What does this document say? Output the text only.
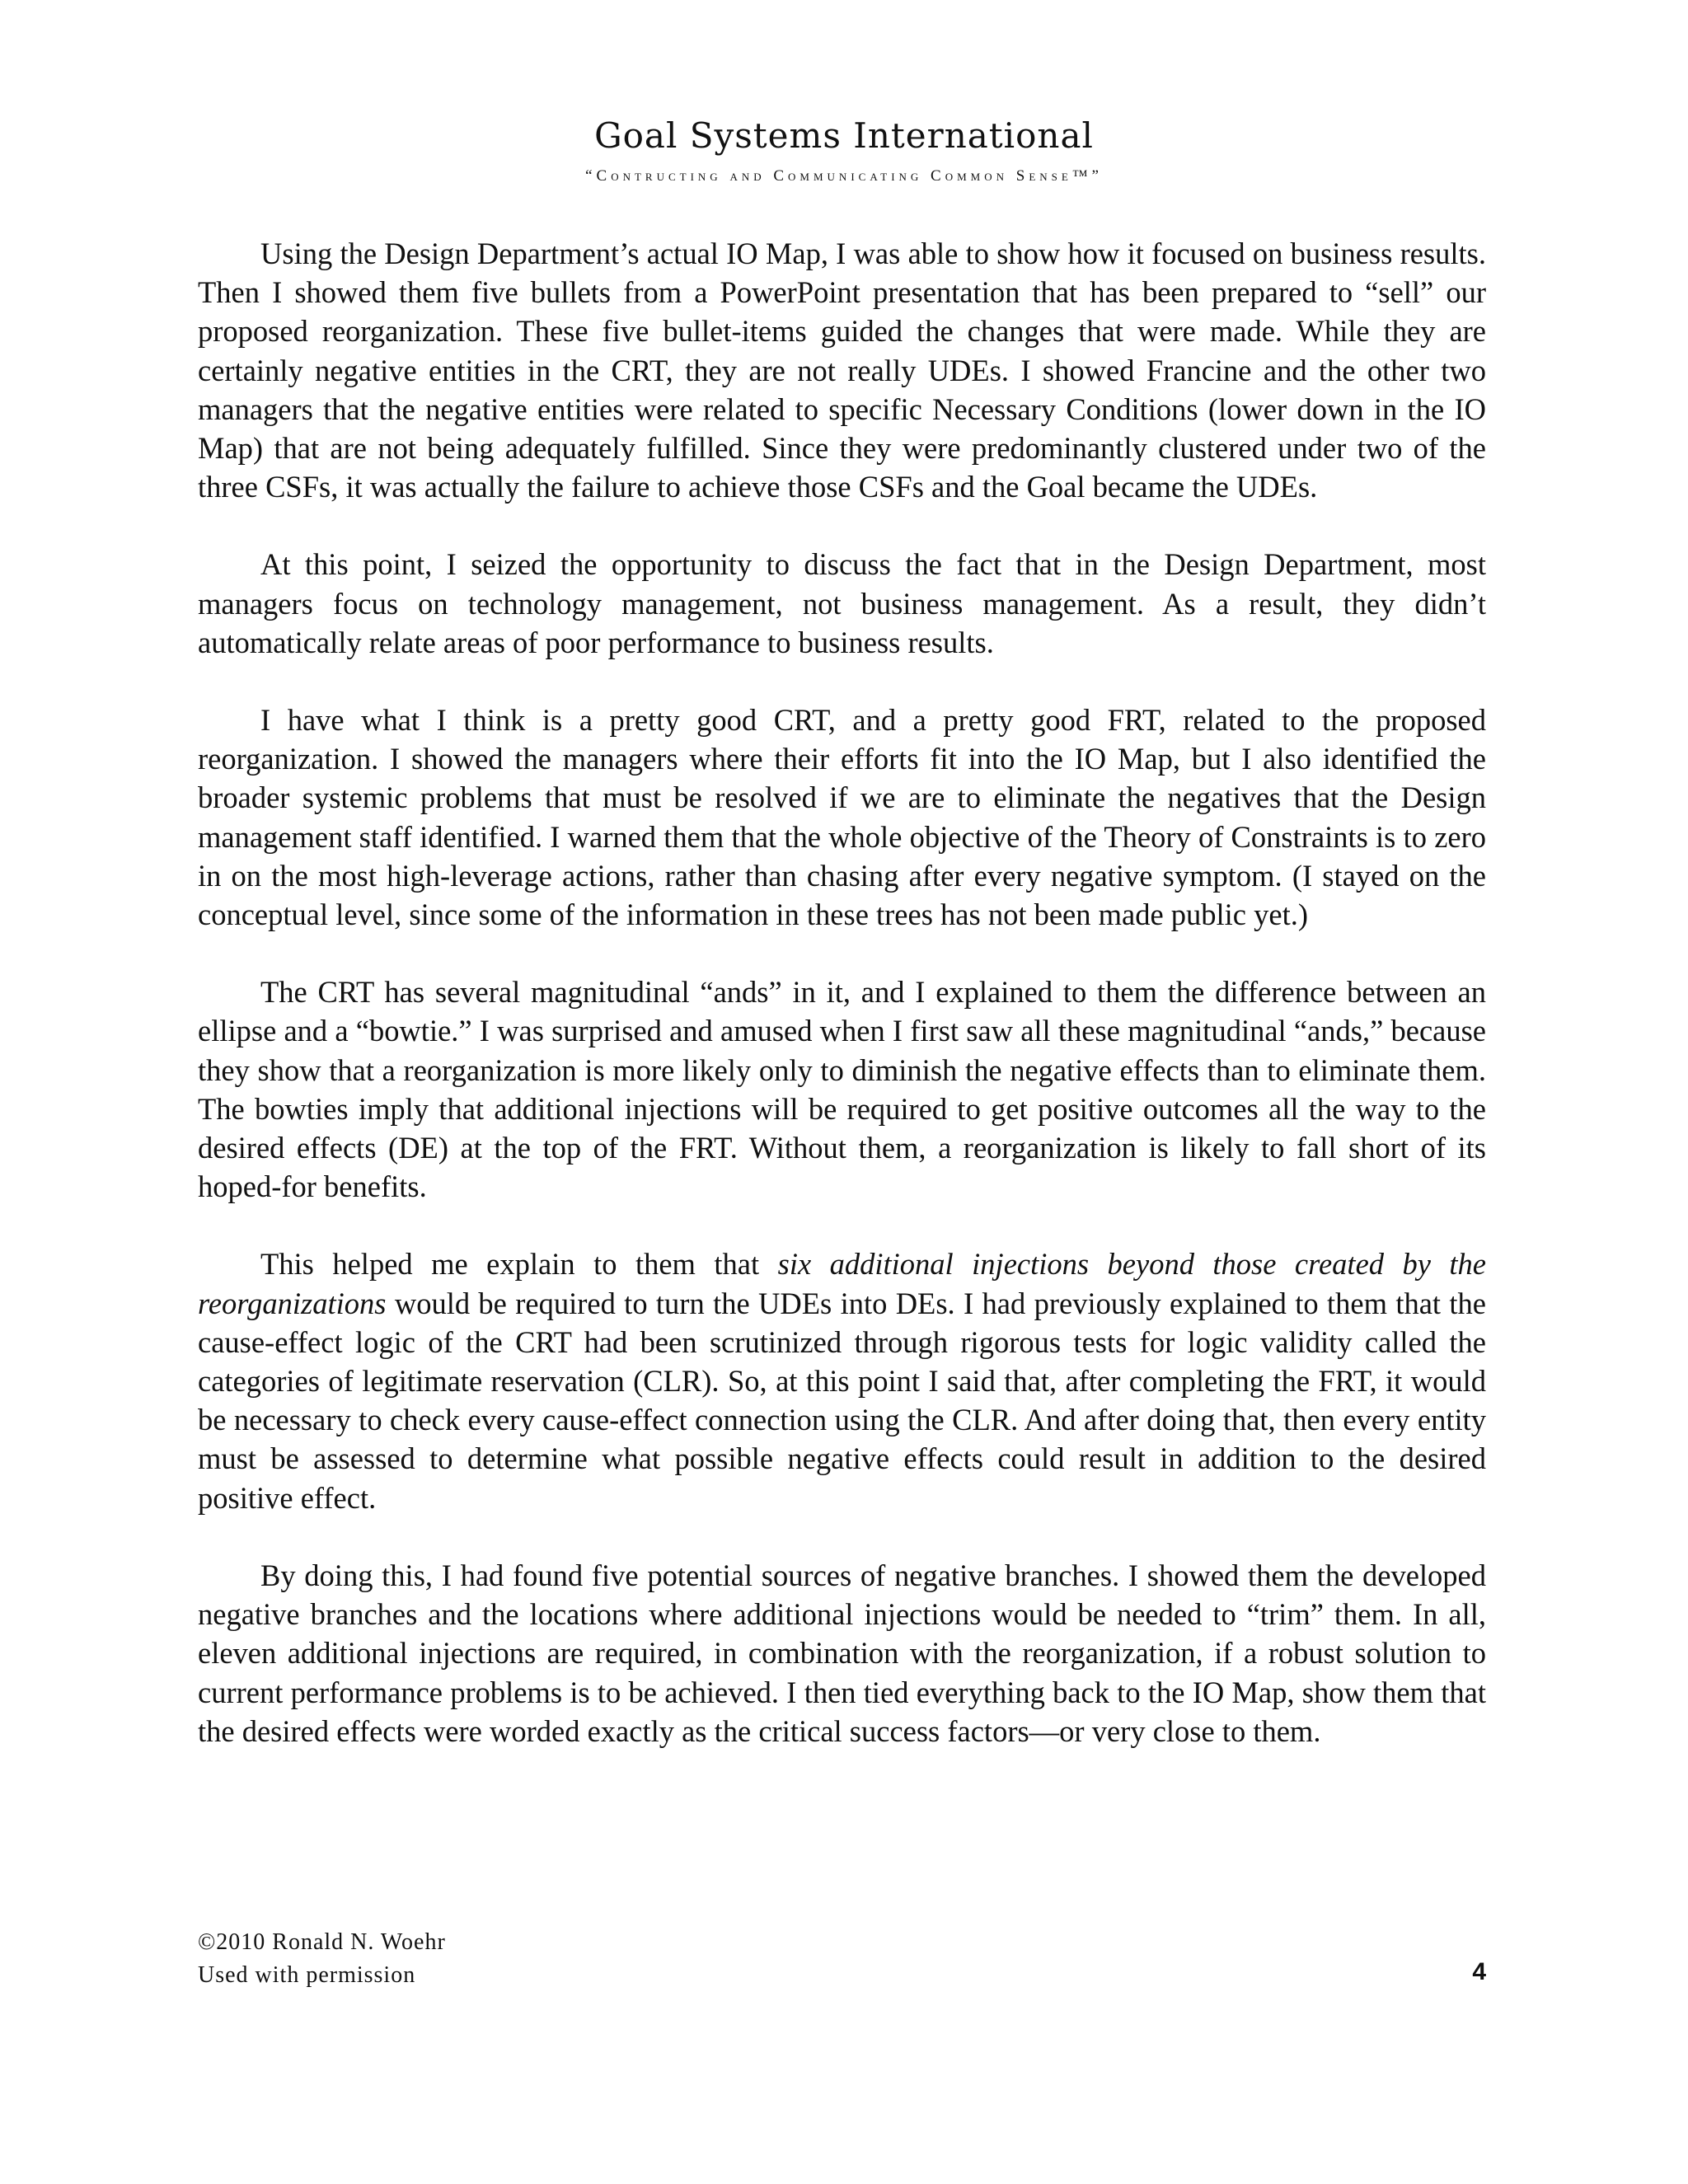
Goal Systems International
“Contructing and Communicating Common Sense™”

Using the Design Department’s actual IO Map, I was able to show how it focused on business results. Then I showed them five bullets from a PowerPoint presentation that has been prepared to “sell” our proposed reorganization. These five bullet-items guided the changes that were made. While they are certainly negative entities in the CRT, they are not really UDEs. I showed Francine and the other two managers that the negative entities were related to specific Necessary Conditions (lower down in the IO Map) that are not being adequately fulfilled. Since they were predominantly clustered under two of the three CSFs, it was actually the failure to achieve those CSFs and the Goal became the UDEs.

At this point, I seized the opportunity to discuss the fact that in the Design Department, most managers focus on technology management, not business management. As a result, they didn’t automatically relate areas of poor performance to business results.

I have what I think is a pretty good CRT, and a pretty good FRT, related to the proposed reorganization. I showed the managers where their efforts fit into the IO Map, but I also identified the broader systemic problems that must be resolved if we are to eliminate the negatives that the Design management staff identified. I warned them that the whole objective of the Theory of Constraints is to zero in on the most high-leverage actions, rather than chasing after every negative symptom. (I stayed on the conceptual level, since some of the information in these trees has not been made public yet.)

The CRT has several magnitudinal “ands” in it, and I explained to them the difference between an ellipse and a “bowtie.” I was surprised and amused when I first saw all these magnitudinal “ands,” because they show that a reorganization is more likely only to diminish the negative effects than to eliminate them. The bowties imply that additional injections will be required to get positive outcomes all the way to the desired effects (DE) at the top of the FRT. Without them, a reorganization is likely to fall short of its hoped-for benefits.

This helped me explain to them that six additional injections beyond those created by the reorganizations would be required to turn the UDEs into DEs. I had previously explained to them that the cause-effect logic of the CRT had been scrutinized through rigorous tests for logic validity called the categories of legitimate reservation (CLR). So, at this point I said that, after completing the FRT, it would be necessary to check every cause-effect connection using the CLR. And after doing that, then every entity must be assessed to determine what possible negative effects could result in addition to the desired positive effect.

By doing this, I had found five potential sources of negative branches. I showed them the developed negative branches and the locations where additional injections would be needed to “trim” them. In all, eleven additional injections are required, in combination with the reorganization, if a robust solution to current performance problems is to be achieved. I then tied everything back to the IO Map, show them that the desired effects were worded exactly as the critical success factors—or very close to them.

©2010 Ronald N. Woehr
Used with permission	4
